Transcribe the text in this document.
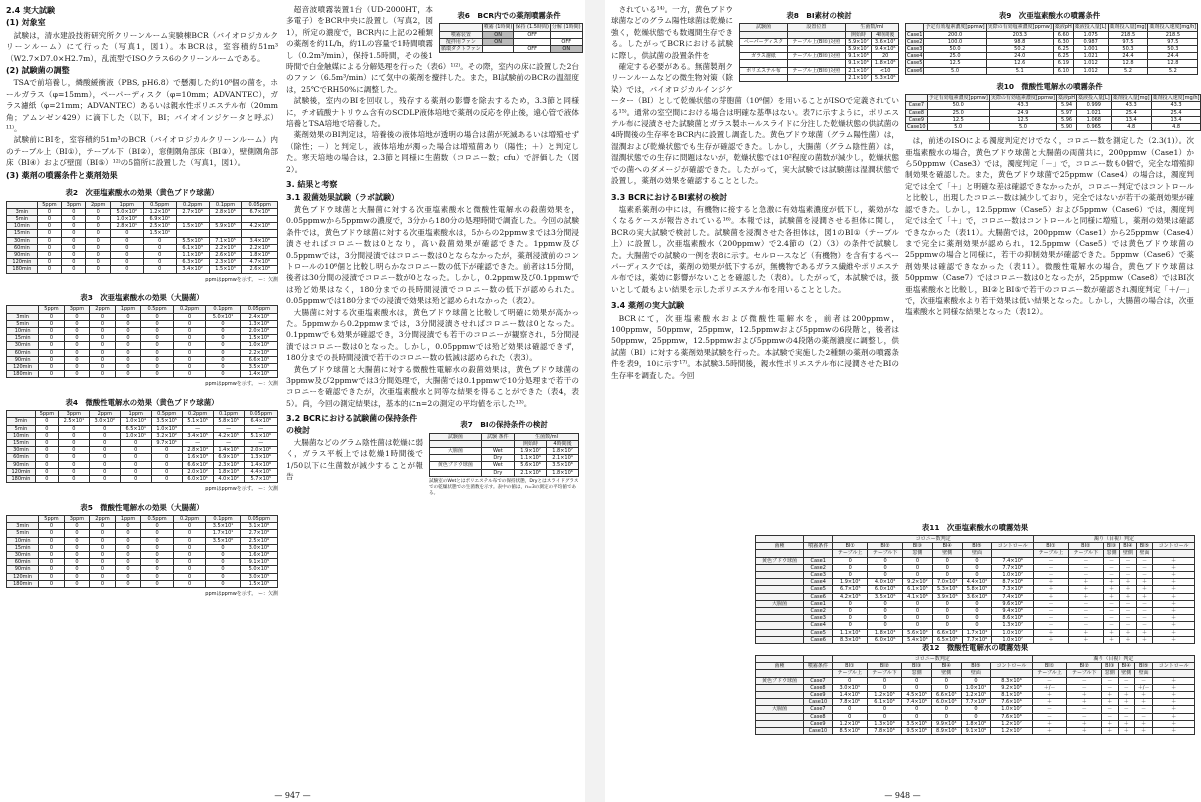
2.4 実大試験
(1) 対象室

試験は，清水建設技術研究所クリーンルーム実験棟BCR（バイオロジカルクリーンルーム）にて行った（写真1，図1）。本BCRは，室容積約51m³（W2.7×D7.0×H2.7m），乱流型でISOクラス6のクリーンルームである。

(2) 試験菌の調整

TSAで前培養し，燐酸緩衝液（PBS, pH6.8）で懸濁した約10⁸個の菌を，ホールガラス（φ=15mm），ペーパーディスク（φ=10mm；ADVANTEC），ガラス濾紙（φ=21mm；ADVANTEC）あるいは親水性ポリエステル布（20mm角；アムンゼン429）に滴下した（以下，BI；バイオインジケータと呼ぶ）¹¹⁾。

試験前にBIを，室容積約51m³のBCR（バイオロジカルクリーンルーム）内のテーブル上（BI①），テーブル下（BI②），窓側隅角部床（BI③），壁側隅角部床（BI④）および壁面（BI⑤）¹²⁾の5箇所に設置した（写真1，図1）。

(3) 薬剤の噴霧条件と薬剤効果
表2　次亜塩素酸水の効果（黄色ブドウ球菌）
	5ppm	3ppm	2ppm	1ppm	0.5ppm	0.2ppm	0.1ppm	0.05ppm
3min	0	0	0	5.0×10²	1.2×10³	2.7×10⁶	2.8×10⁶	6.7×10⁶
5min	0	0	0	1.0×10²	6.9×10¹			
10min	0	0	0	2.8×10¹	2.5×10¹	1.5×10⁵	5.9×10⁵	4.2×10⁶
15min	0	0	0	0	1.5×10¹			
30min	0	0	0	0	0	5.5×10⁵	7.1×10⁵	3.4×10⁶
60min	0	0	0	0	0	6.1×10³	2.2×10⁴	2.2×10⁶
90min	0	0	0	0	0	1.1×10³	2.6×10³	1.8×10⁶
120min	0	0	0	0	0	6.3×10²	2.3×10³	4.7×10⁶
180min	0	0	0	0	0	3.4×10²	1.5×10³	2.6×10⁶
ppmはppmwを示す。 ー：欠測
表3　次亜塩素酸水の効果（大腸菌）
	5ppm	3ppm	2ppm	1ppm	0.5ppm	0.2ppm	0.1ppm	0.05ppm
3min	0	0	0	0	0	0	5.0×10¹	2.4×10⁶
5min	0	0	0	0	0	0	0	1.3×10⁶
10min	0	0	0	0	0	0	0	2.0×10⁶
15min	0	0	0	0	0	0	0	1.5×10⁶
30min	0	0	0	0	0	0	0	1.0×10⁶
60min	0	0	0	0	0	0	0	2.2×10⁶
90min	0	0	0	0	0	0	0	6.6×10⁵
120min	0	0	0	0	0	0	0	3.5×10⁵
180min	0	0	0	0	0	0	0	1.4×10⁵
ppmはppmwを示す。 ー：欠測
表4　微酸性電解水の効果（黄色ブドウ球菌）
	5ppm	3ppm	2ppm	1ppm	0.5ppm	0.2ppm	0.1ppm	0.05ppm
3min	0	2.5×10¹	3.0×10²	1.0×10⁴	3.5×10⁵	5.1×10⁵	5.8×10⁵	6.4×10⁶
5min	0	0	0	6.5×10¹	1.0×10³	—	—	—
10min	0	0	0	1.0×10¹	3.2×10²	3.4×10⁵	4.2×10⁵	5.1×10⁶
15min	0	0	0	0	9.7×10¹	—	—	—
30min	0	0	0	0	0	2.8×10⁴	1.4×10⁵	2.0×10⁶
60min	0	0	0	0	0	1.6×10³	6.9×10³	1.3×10⁶
90min	0	0	0	0	0	6.6×10²	2.3×10³	1.4×10⁶
120min	0	0	0	0	0	2.0×10²	1.8×10³	4.4×10⁵
180min	0	0	0	0	0	6.0×10¹	4.0×10²	5.7×10⁵
ppmはppmwを示す。 ー：欠測
表5　微酸性電解水の効果（大腸菌）
	5ppm	3ppm	2ppm	1ppm	0.5ppm	0.2ppm	0.1ppm	0.05ppm
3min	0	0	0	0	0	0	3.5×10¹	3.1×10⁶
5min	0	0	0	0	0	0	1.7×10¹	2.7×10⁶
10min	0	0	0	0	0	0	3.5×10⁰	2.5×10⁶
15min	0	0	0	0	0	0	0	3.0×10⁶
30min	0	0	0	0	0	0	0	1.6×10⁶
60min	0	0	0	0	0	0	0	9.1×10⁵
90min	0	0	0	0	0	0	0	5.0×10⁵
120min	0	0	0	0	0	0	0	3.0×10⁵
180min	0	0	0	0	0	0	0	1.5×10⁵
ppmはppmwを示す。 ー：欠測
表6　BCR内での薬剤噴霧条件
	噴霧 (1時間)	保持 (1.5時間)	分解 (1時間)
噴霧装置	ON	OFF	
撹拌用ファン	ON		OFF
循環ダクトファン		OFF	ON

超音波噴霧装置1台（UD-2000HT，本多電子）をBCR中央に設置し（写真2，図1），所定の濃度で，BCR内に上記の2種類の薬剤を約1L/h，約1Lの容量で1時間噴霧し（0.2m³/min），保持1.5時間，その後1時間で白金触媒による分解処理を行った（表6）¹⁾²⁾。その際，室内の床に設置した2台のファン（6.5m³/min）にて気中の薬剤を攪拌した。また，BI試験前のBCRの温湿度は，25℃でRH50%に調整した。

試験後，室内のBIを回収し，残存する薬剤の影響を除去するため，3.3節と同様に，チオ硫酸ナトリウム含有のSCDLP液体培地で薬剤の反応を停止後，遠心管で液体培養とTSA培地で培養した。

薬剤効果のBI判定は，培養後の液体培地が透明の場合は菌が死滅あるいは増殖せず（除性；－）と判定し，液体培地が濁った場合は増殖菌あり（陽性；＋）と判定した。寒天培地の場合は，2.3節と同様に生菌数（コロニー数；cfu）で評価した（図2）。

3. 結果と考察
3.1 殺菌効果試験（ラボ試験）

黄色ブドウ球菌と大腸菌に対する次亜塩素酸水と微酸性電解水の殺菌効果を，0.05ppmwから5ppmwの濃度で，3分から180分の処理時間で調査した。今回の試験条件では，黄色ブドウ球菌に対する次亜塩素酸水は，5からの2ppmwまでは3分間浸漬させればコロニー数は0となり，高い殺菌効果が確認できた。1ppmw及び0.5ppmwでは，3分間浸漬ではコロニー数は0とならなかったが，薬剤浸漬前のコントロールの10⁶個と比較し明らかなコロニー数の低下が確認できた。前者は15分間，後者は30分間の浸漬でコロニー数が0となった。しかし，0.2ppmw及び0.1ppmwでは殆ど効果はなく，180分までの長時間浸漬でコロニー数の低下が認められた。0.05ppmwでは180分までの浸漬で効果は殆ど認められなかった（表2）。

大腸菌に対する次亜塩素酸水は，黄色ブドウ球菌と比較して明確に効果が高かった。5ppmwから0.2ppmwまでは，3分間浸漬させればコロニー数は0となった。0.1ppmwでも効果が確認でき，3分間浸漬でも若干のコロニーが観察され，5分間浸漬ではコロニー数は0となった。しかし，0.05ppmwでは殆ど効果は確認できず，180分までの長時間浸漬で若干のコロニー数の低減は認められた（表3）。

黄色ブドウ球菌と大腸菌に対する微酸性電解水の殺菌効果は，黄色ブドウ球菌の3ppmw及び2ppmwでは3分間処理で，大腸菌では0.1ppmwで10分処理まで若干のコロニーを確認できたが，次亜塩素酸水と同等な結果を得ることができた（表4，表5）。尚，今回の測定結果は，基本的にn=2の測定の平均値を示した¹³⁾。

表7　BIの保持条件の検討
試験菌	試験 条件	生菌数/ml	
		開始時	4時間後
大腸菌	Wet	1.9×10⁷	1.8×10⁷
	Dry	1.1×10⁴	2.1×10⁴
黄色ブドウ球菌	Wet	5.6×10⁶	3.5×10⁶
	Dry	2.1×10⁶	1.8×10⁶
試験室のWetとはポリエステル布での保持状態，Dryとはスライドグラスでの乾燥状態での生菌数を示す。表中の値は，n=3の測定の平均値である。
3.2 BCRにおける試験菌の保持条件の検討

大腸菌などのグラム陰性菌は乾燥に弱く，ガラス平板上では乾燥1時間後で1/50以下に生菌数が減少することが報告

— 947 —
表8　BI素材の検討
試験菌	設置位置	生菌数/ml	
		開始時	4時間後
ペーパーディスク	テーブル上(BI①)対照	5.9×10⁷	3.6×10⁷
		5.9×10⁷	9.4×10⁶
ガラス濾紙	テーブル上(BI①)対照	9.1×10⁶	20
		9.1×10⁶	1.8×10⁶
ポリエステル布	テーブル上(BI①)対照	2.1×10⁷	<10
		2.1×10⁷	5.3×10⁶

されている¹⁴⁾。一方，黄色ブドウ球菌などのグラム陽性球菌は乾燥に強く，乾燥状態でも数週間生存できる。したがってBCRにおける試験に際し，供試菌の設置条件を

確定する必要がある。無菌製剤クリーンルームなどの微生物対策（除染）では，バイオロジカルインジケーター（BI）として乾燥状態の芽胞菌（10⁶個）を用いることがISOで定義されている¹⁵⁾。通常の室空間における場合は明確な基準はない。表7に示すように，ポリエステル布に浸漬させた試験菌とガラス製ホールスライドに分注した乾燥状態の供試菌の4時間後の生存率をBCR内に設置し調査した。黄色ブドウ球菌（グラム陽性菌）は，湿潤および乾燥状態でも生存が確認できた。しかし，大腸菌（グラム陰性菌）は，湿潤状態での生存に問題はないが，乾燥状態では10²程度の菌数が減少し，乾燥状態での菌へのダメージが確認できた。したがって，実大試験では試験菌は湿潤状態で設置し，薬剤の効果を確認することとした。

3.3 BCRにおけるBI素材の検討

塩素系薬剤の中には，有機物に接すると急激に有効塩素濃度が低下し，薬効がなくなるケースが報告されている¹⁶⁾。本報では，試験菌を浸潤させる担体に関し，BCRの実大試験で検討した。試験菌を浸潤させた各担体は，図1のBI①（テーブル上）に設置し，次亜塩素酸水（200ppmw）で2.4節の（2）（3）の条件で試験した。大腸菌での試験の一例を表8に示す。セルロースなど（有機物）を含有するペーパーディスクでは，薬剤の効果が低下するが，無機物であるガラス繊維やポリエステル布では，薬効に影響がないことを確認した（表8）。したがって，本試験では，扱いとして最もよい結果を示したポリエステル布を用いることとした。

3.4 薬剤の実大試験

BCRにて，次亜塩素酸水および微酸性電解水を，前者は200ppmw，100ppmw，50ppmw，25ppmw，12.5ppmwおよび5ppmwの6段階と，後者は50ppmw，25ppmw，12.5ppmwおよび5ppmwの4段階の薬剤濃度に調整し，供試菌（BI）に対する薬剤効果試験を行った。本試験で実施した2種類の薬剤の噴霧条件を表9，10に示す¹⁷⁾。本試験3.5時間後，親水性ポリエステル布に浸潤させたBIの生存率を調査した。今回

表9　次亜塩素酸水の噴霧条件
	予定有効塩素濃度[ppmw]	実際の有効塩素濃度[ppmw]	薬液pH	薬液投入量[L]	薬剤投入量[mg]	薬剤投入速度[mg/h]
Case1	200.0	203.3	6.60	1.075	218.5	218.5
Case2	100.0	98.8	6.30	0.987	97.5	97.5
Case3	50.0	50.2	6.25	1.001	50.3	50.3
Case4	25.0	24.0	6.25	1.021	24.4	24.4
Case5	12.5	12.6	6.19	1.012	12.8	12.8
Case6	5.0	5.1	6.10	1.012	5.2	5.2
表10　微酸性電解水の噴霧条件
	予定有効塩素濃度[ppmw]	実際の有効塩素濃度[ppmw]	薬液pH	薬液投入量[L]	薬剤投入量[mg]	薬剤投入速度[mg/h]
Case7	50.0	43.3	5.94	0.999	43.3	43.3
Case8	25.0	24.9	5.97	1.021	25.4	25.4
Case9	12.5	12.5	5.96	1.068	13.4	13.4
Case10	5.0	5.0	5.90	0.965	4.8	4.8

は，前述のISOによる濁度判定だけでなく，コロニー数を測定した（2.3(1)）。次亜塩素酸水の場合，黄色ブドウ球菌と大腸菌の両菌共に，200ppmw（Case1）から50ppmw（Case3）では，濁度判定「－」で，コロニー数も0個で，完全な増殖抑制効果を確認した。また，黄色ブドウ球菌で25ppmw（Case4）の場合は，濁度判定では全て「＋」と明確な差は確認できなかったが，コロニー判定ではコントロールと比較し，出現したコロニー数は減少しており，完全ではないが若干の薬剤効果が確認できた。しかし，12.5ppmw（Case5）および5ppmw（Case6）では，濁度判定では全て「＋」で，コロニー数はコントロールと同様に増殖し，薬剤の効果は確認できなかった（表11）。大腸菌では，200ppmw（Case1）から25ppmw（Case4）まで完全に薬剤効果が認められ，12.5ppmw（Case5）では黄色ブドウ球菌の25ppmwの場合と同様に，若干の抑制効果が確認できた。5ppmw（Case6）で薬剤効果は確認できなかった（表11）。微酸性電解水の場合，黄色ブドウ球菌は50ppmw（Case7）ではコロニー数は0となったが，25ppmw（Case8）ではBI次亜塩素酸水と比較し，BI②とBI⑤で若干のコロニー数が確認され濁度判定「＋/－」で，次亜塩素酸水より若干効果は低い結果となった。しかし，大腸菌の場合は，次亜塩素酸水と同様な結果となった（表12）。

表11　次亜塩素酸水の噴霧効果
		コロニー数判定						濁り（目視）判定					
菌種	噴霧条件	BI①	BI②	BI③	BI④	BI⑤	コントロール	BI①	BI②	BI③	BI④	BI⑤	コントロール
		テーブル上	テーブル下	窓側	壁側	壁面		テーブル上	テーブル下	窓側	壁側	壁面	
黄色ブドウ球菌	Case1	0	0	0	0	0	7.4×10⁶	－	－	－	－	－	＋
	Case2	0	0	0	0	0	7.7×10⁶	－	－	－	－	－	＋
	Case3	0	0	0	0	0	1.0×10⁷	－	－	－	－	－	＋
	Case4	1.9×10²	4.0×10²	9.2×10²	7.0×10²	4.4×10²	8.7×10⁶	＋	＋	＋	＋	＋	＋
	Case5	6.7×10⁵	6.0×10⁵	6.1×10⁵	5.3×10⁵	5.8×10⁵	7.3×10⁶	＋	＋	＋	＋	＋	＋
	Case6	4.2×10⁶	3.5×10⁶	4.1×10⁶	3.9×10⁶	3.6×10⁶	7.4×10⁶	＋	＋	＋	＋	＋	＋
大腸菌	Case1	0	0	0	0	0	9.6×10⁶	－	－	－	－	－	＋
	Case2	0	0	0	0	0	9.4×10⁶	－	－	－	－	－	＋
	Case3	0	0	0	0	0	8.6×10⁶	－	－	－	－	－	＋
	Case4	0	0	0	0	0	1.3×10⁷	－	－	－	－	－	＋
	Case5	1.1×10⁴	1.8×10⁴	5.6×10⁴	6.6×10²	1.7×10⁴	1.0×10⁷	＋	＋	＋	＋	＋	＋
	Case6	8.3×10⁶	6.0×10⁶	5.4×10⁶	6.5×10⁶	7.7×10⁶	1.0×10⁷	＋	＋	＋	＋	＋	＋
表12　微酸性電解水の噴霧効果
		コロニー数判定						濁り（目視）判定					
菌種	噴霧条件	BI①	BI②	BI③	BI④	BI⑤	コントロール	BI①	BI②	BI③	BI④	BI⑤	コントロール
		テーブル上	テーブル下	窓側	壁側	壁面		テーブル上	テーブル下	窓側	壁側	壁面	
黄色ブドウ球菌	Case7	0	0	0	0	0	8.3×10⁶	－	－	－	－	－	＋
	Case8	3.0×10¹	0	0	0	1.0×10¹	9.2×10⁶	＋/－	－	－	－	＋/－	＋
	Case9	1.4×10⁵	1.2×10⁵	4.5×10⁵	6.6×10⁵	1.2×10⁵	8.1×10⁶	＋	＋	＋	＋	＋	＋
	Case10	7.8×10⁶	6.1×10⁶	7.4×10⁶	6.0×10⁶	7.7×10⁶	7.6×10⁶	＋	＋	＋	＋	＋	＋
大腸菌	Case7	0	0	0	0	0	1.0×10⁷	－	－	－	－	－	＋
	Case8	0	0	0	0	0	7.6×10⁶	－	－	－	－	－	＋
	Case9	1.2×10⁶	1.3×10⁶	3.5×10⁵	9.9×10⁴	1.8×10⁶	1.2×10⁷	＋	＋	＋	＋	＋	＋
	Case10	8.5×10⁶	7.8×10⁶	9.5×10⁶	8.9×10⁶	9.1×10⁶	1.2×10⁷	＋	＋	＋	＋	＋	＋
— 948 —
